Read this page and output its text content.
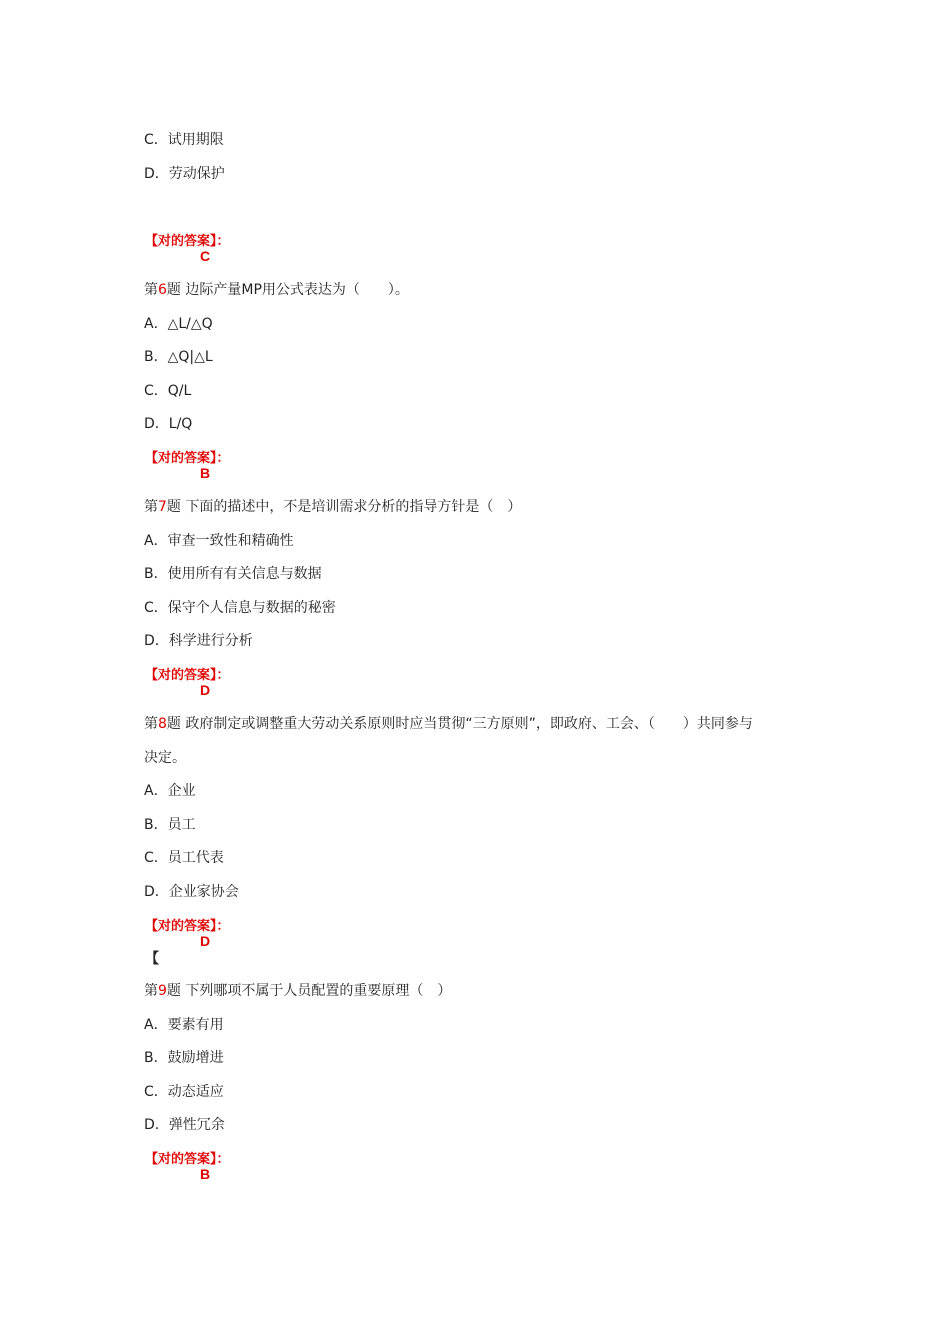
C．试用期限
D．劳动保护
【对的答案】：
C
第6题 边际产量MP用公式表达为（　　）。
A．△L/△Q
B．△Q|△L
C．Q/L
D．L/Q
【对的答案】：
B
第7题 下面的描述中，不是培训需求分析的指导方针是（　）
A．审查一致性和精确性
B．使用所有有关信息与数据
C．保守个人信息与数据的秘密
D．科学进行分析
【对的答案】：
D
第8题 政府制定或调整重大劳动关系原则时应当贯彻“三方原则”，即政府、工会、（　　）共同参与
决定。
A．企业
B．员工
C．员工代表
D．企业家协会
【对的答案】：
D
【
第9题 下列哪项不属于人员配置的重要原理（　）
A．要素有用
B．鼓励增进
C．动态适应
D．弹性冗余
【对的答案】：
B
